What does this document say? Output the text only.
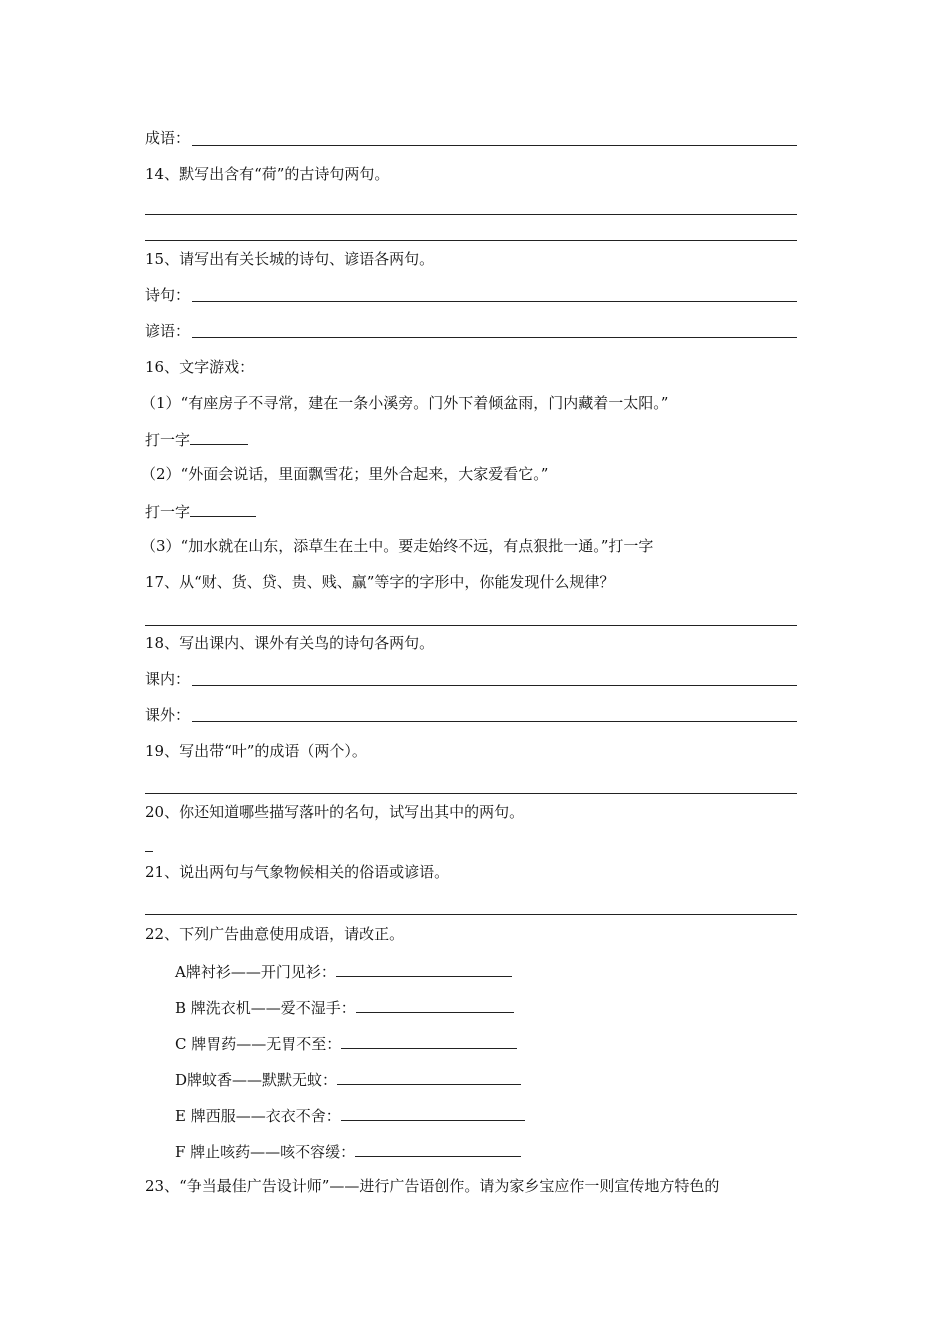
成语：
14、默写出含有“荷”的古诗句两句。
15、请写出有关长城的诗句、谚语各两句。
诗句：
谚语：
16、文字游戏：
（1）“有座房子不寻常，建在一条小溪旁。门外下着倾盆雨，门内藏着一太阳。”
打一字
（2）“外面会说话，里面飘雪花；里外合起来，大家爱看它。”
打一字
（3）“加水就在山东，添草生在土中。要走始终不远，有点狠批一通。”打一字
17、从“财、货、贷、贵、贱、赢”等字的字形中，你能发现什么规律？
18、写出课内、课外有关鸟的诗句各两句。
课内：
课外：
19、写出带“叶”的成语（两个）。
20、你还知道哪些描写落叶的名句，试写出其中的两句。
21、说出两句与气象物候相关的俗语或谚语。
22、下列广告曲意使用成语，请改正。
A牌衬衫——开门见衫：
B 牌洗衣机——爱不湿手：
C 牌胃药——无胃不至：
D牌蚊香——默默无蚊：
E 牌西服——衣衣不舍：
F 牌止咳药——咳不容缓：
23、“争当最佳广告设计师”——进行广告语创作。请为家乡宝应作一则宣传地方特色的
